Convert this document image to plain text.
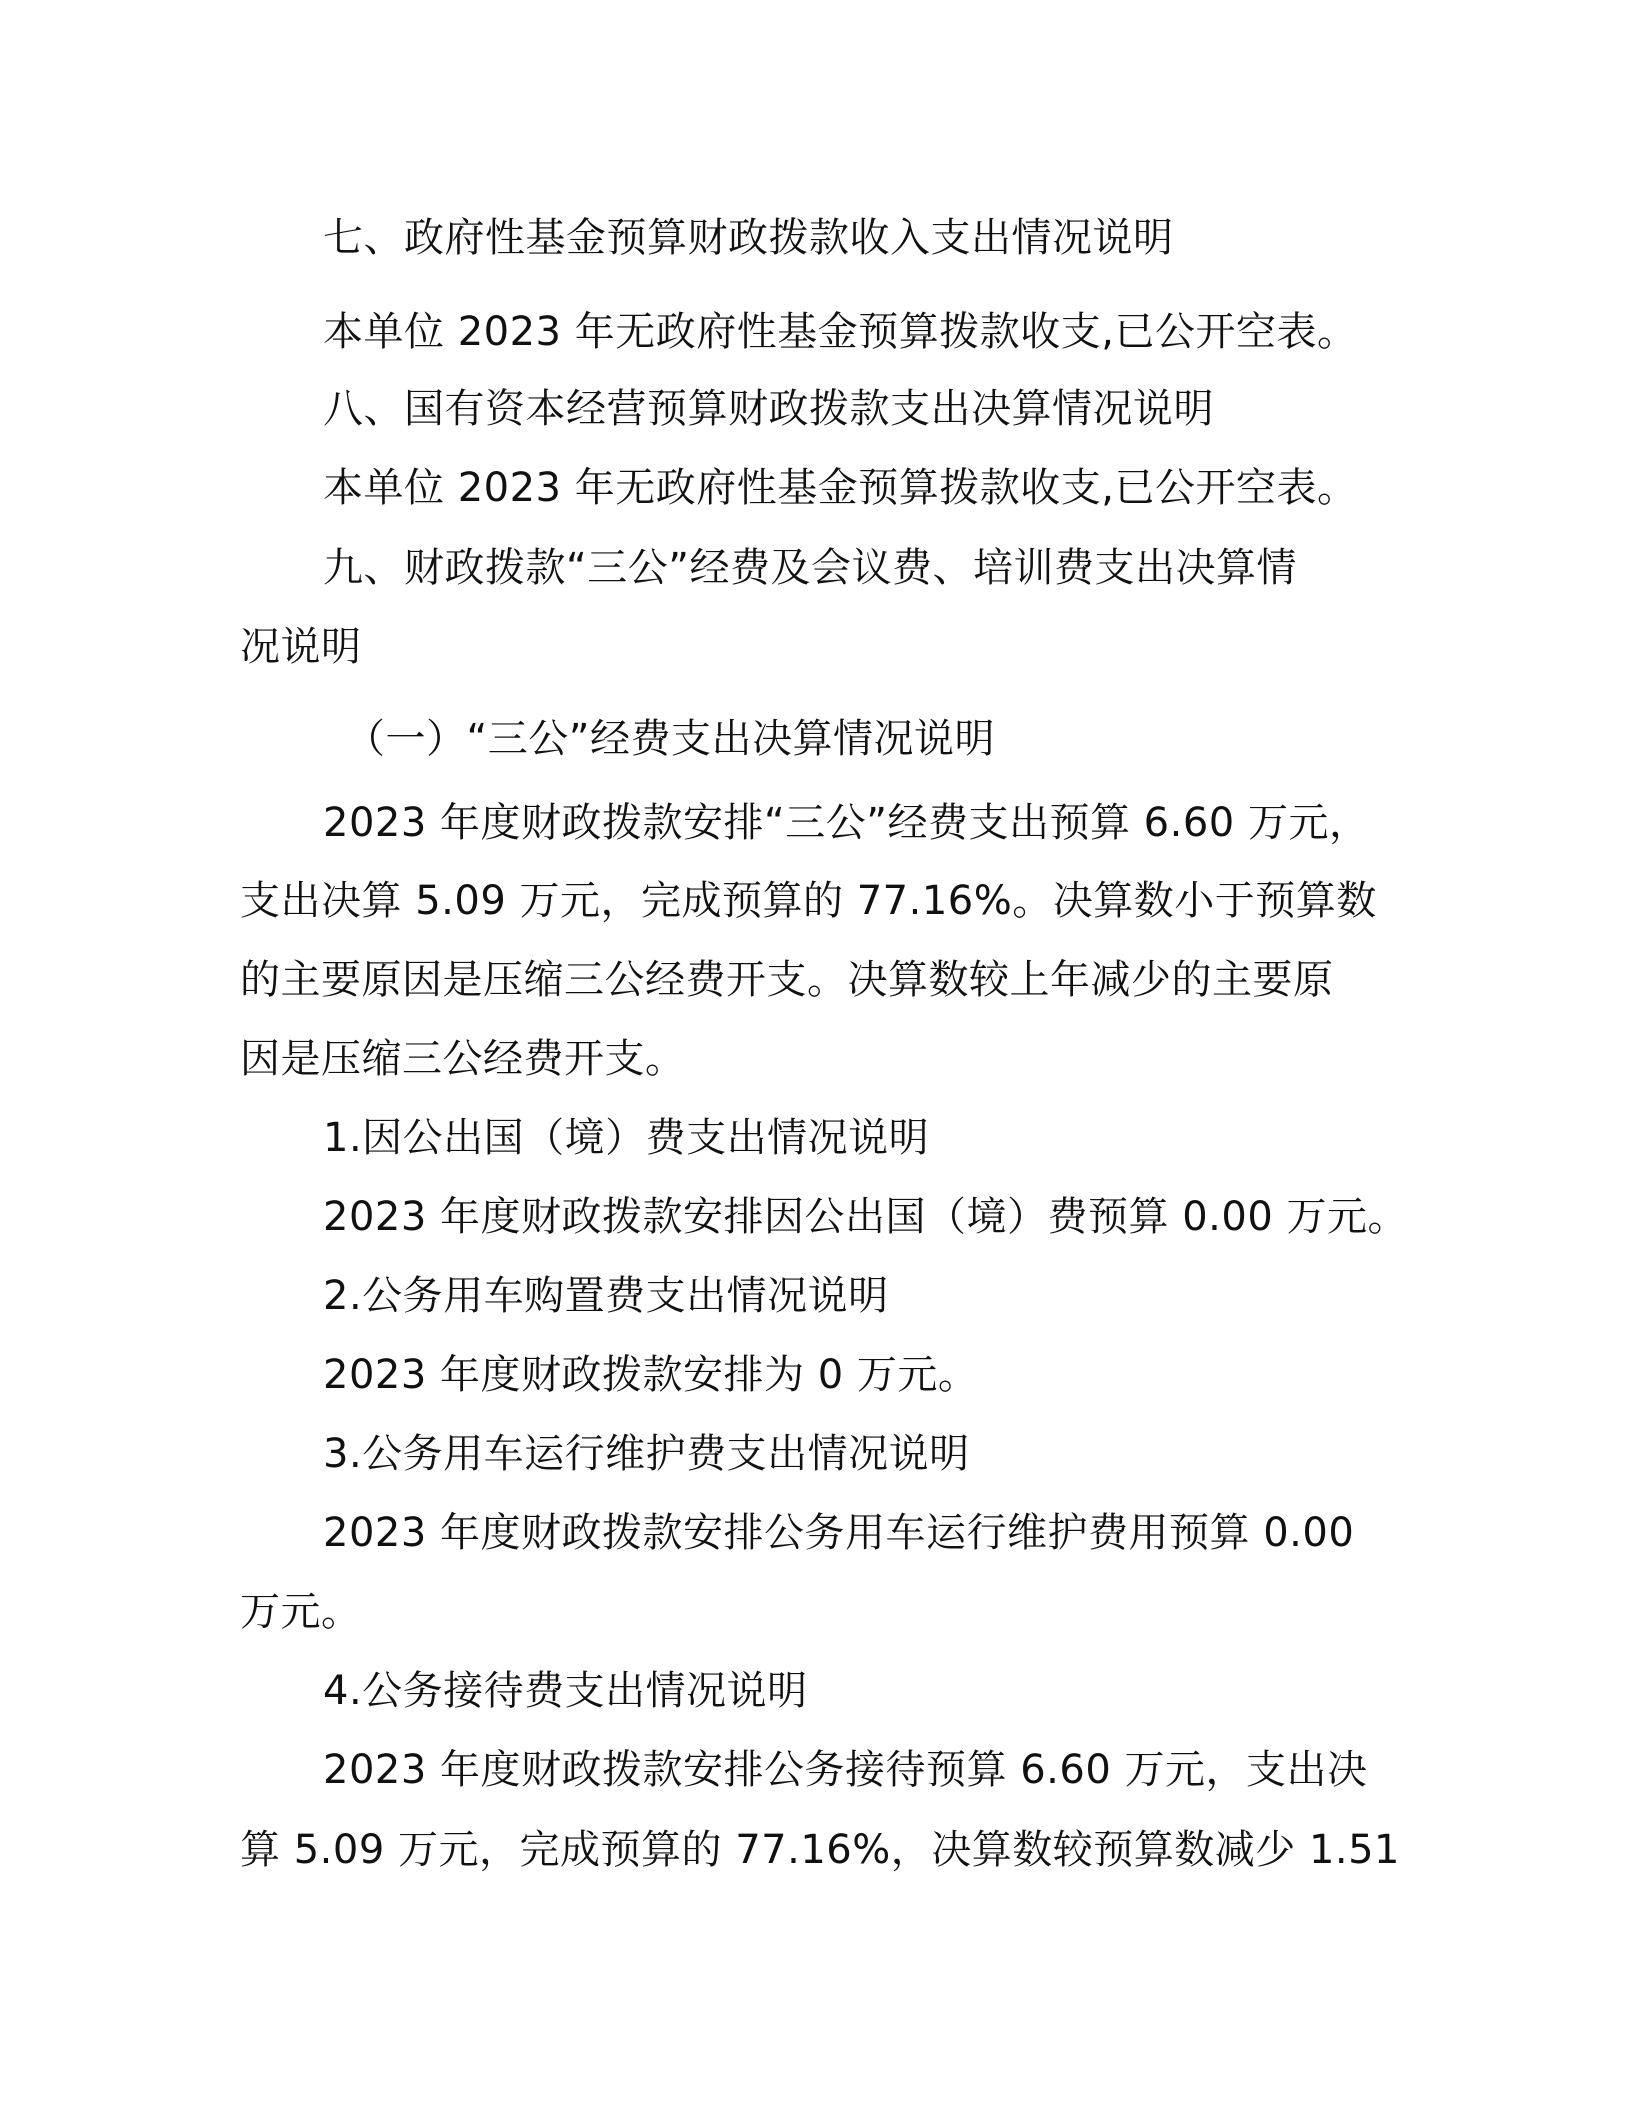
七、政府性基金预算财政拨款收入支出情况说明
本单位 2023 年无政府性基金预算拨款收支,已公开空表。
八、国有资本经营预算财政拨款支出决算情况说明
本单位 2023 年无政府性基金预算拨款收支,已公开空表。
九、财政拨款“三公”经费及会议费、培训费支出决算情
况说明
（一）“三公”经费支出决算情况说明
2023 年度财政拨款安排“三公”经费支出预算 6.60 万元，
支出决算 5.09 万元，完成预算的 77.16%。决算数小于预算数
的主要原因是压缩三公经费开支。决算数较上年减少的主要原
因是压缩三公经费开支。
1.因公出国（境）费支出情况说明
2023 年度财政拨款安排因公出国（境）费预算 0.00 万元。
2.公务用车购置费支出情况说明
2023 年度财政拨款安排为 0 万元。
3.公务用车运行维护费支出情况说明
2023 年度财政拨款安排公务用车运行维护费用预算 0.00
万元。
4.公务接待费支出情况说明
2023 年度财政拨款安排公务接待预算 6.60 万元，支出决
算 5.09 万元，完成预算的 77.16%，决算数较预算数减少 1.51
